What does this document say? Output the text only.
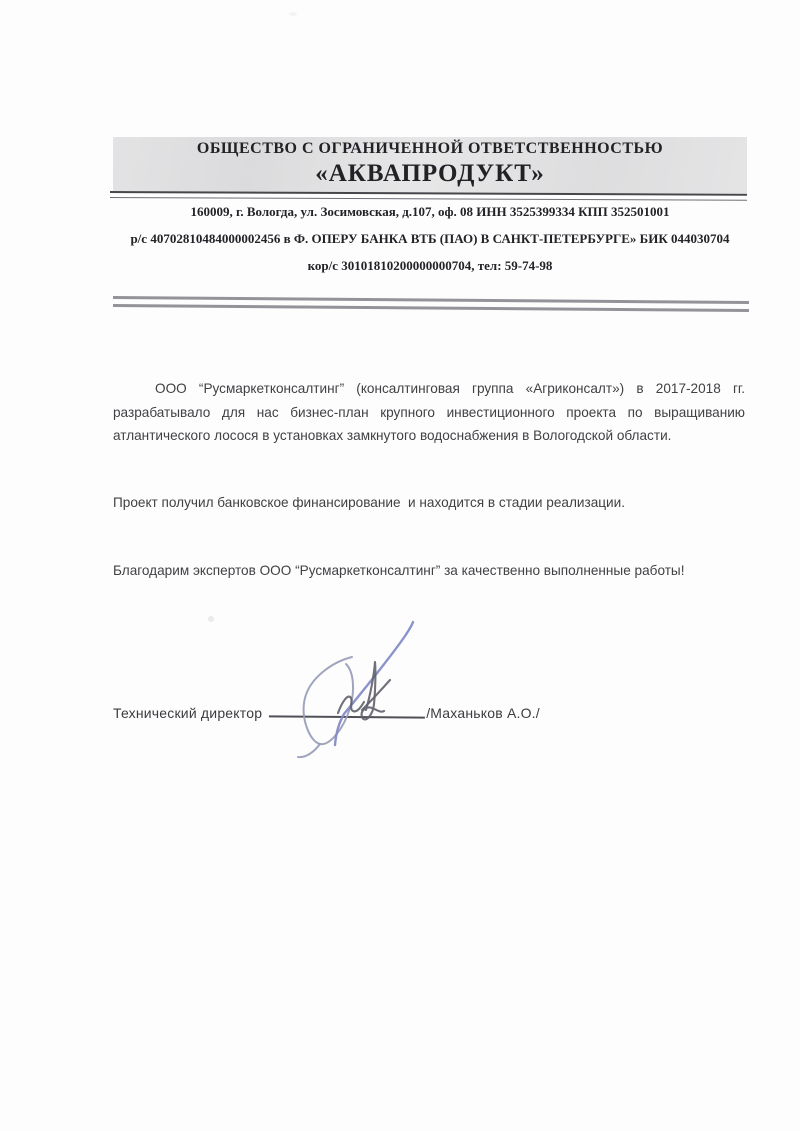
ОБЩЕСТВО С ОГРАНИЧЕННОЙ ОТВЕТСТВЕННОСТЬЮ
«АКВАПРОДУКТ»
160009, г. Вологда, ул. Зосимовская, д.107, оф. 08 ИНН 3525399334 КПП 352501001
р/с 40702810484000002456 в Ф. ОПЕРУ БАНКА ВТБ (ПАО) В САНКТ-ПЕТЕРБУРГЕ» БИК 044030704
кор/с 30101810200000000704, тел: 59-74-98

ООО “Русмаркетконсалтинг” (консалтинговая группа «Агриконсалт») в 2017-2018 гг.
разрабатывало для нас бизнес-план крупного инвестиционного проекта по выращиванию
атлантического лосося в установках замкнутого водоснабжения в Вологодской области.

Проект получил банковское финансирование  и находится в стадии реализации.

Благодарим экспертов ООО “Русмаркетконсалтинг” за качественно выполненные работы!

Технический директор	/Маханьков А.О./
